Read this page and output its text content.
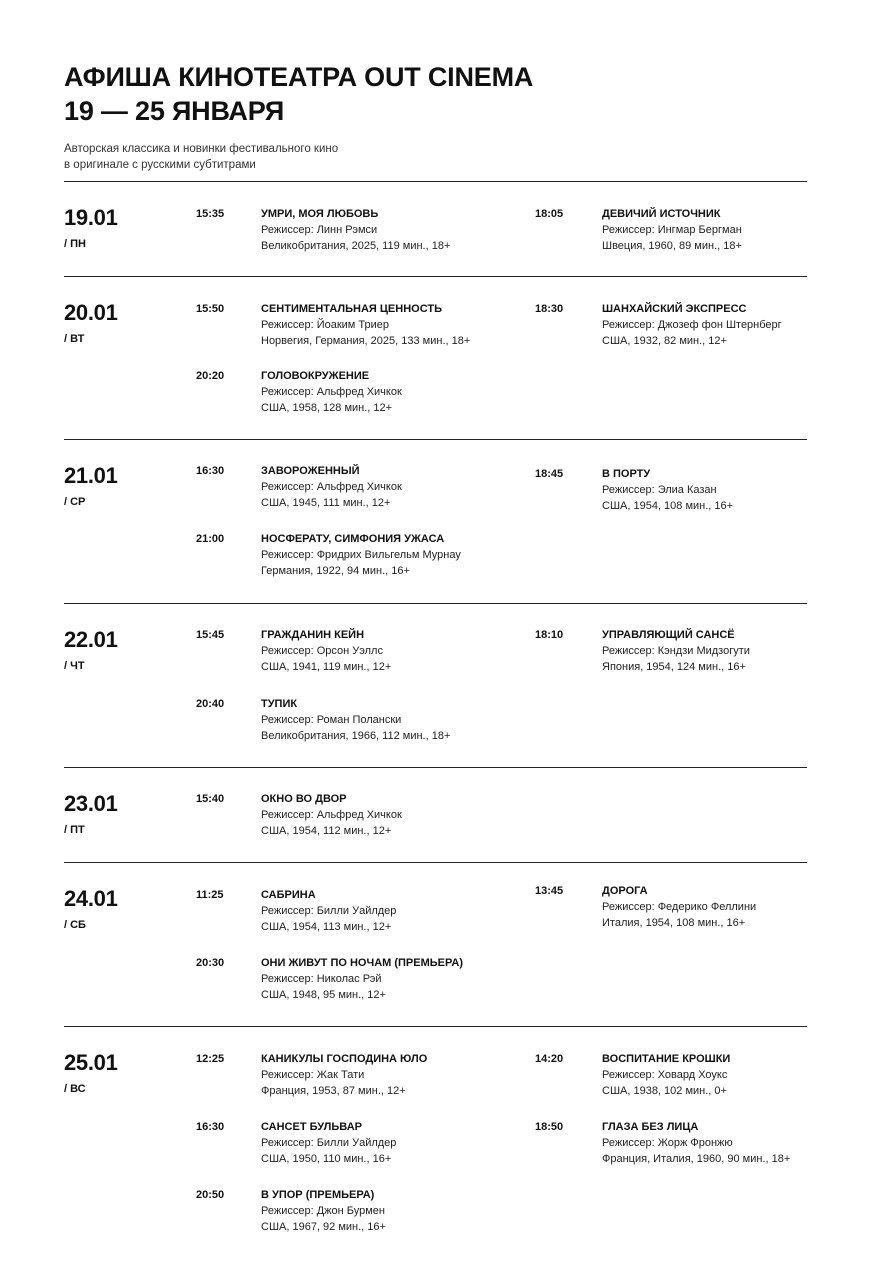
АФИША КИНОТЕАТРА OUT CINEMA
19 — 25 ЯНВАРЯ

Авторская классика и новинки фестивального кино
в оригинале с русскими субтитрами

19.01
/ ПН
15:35	УМРИ, МОЯ ЛЮБОВЬ
Режиссер: Линн Рэмси
Великобритания, 2025, 119 мин., 18+
18:05	ДЕВИЧИЙ ИСТОЧНИК
Режиссер: Ингмар Бергман
Швеция, 1960, 89 мин., 18+
20.01
/ ВТ
15:50	СЕНТИМЕНТАЛЬНАЯ ЦЕННОСТЬ
Режиссер: Йоаким Триер
Норвегия, Германия, 2025, 133 мин., 18+
18:30	ШАНХАЙСКИЙ ЭКСПРЕСС
Режиссер: Джозеф фон Штернберг
США, 1932, 82 мин., 12+
20:20	ГОЛОВОКРУЖЕНИЕ
Режиссер: Альфред Хичкок
США, 1958, 128 мин., 12+
21.01
/ СР
16:30	ЗАВОРОЖЕННЫЙ
Режиссер: Альфред Хичкок
США, 1945, 111 мин., 12+
18:45	В ПОРТУ
Режиссер: Элиа Казан
США, 1954, 108 мин., 16+
21:00	НОСФЕРАТУ, СИМФОНИЯ УЖАСА
Режиссер: Фридрих Вильгельм Мурнау
Германия, 1922, 94 мин., 16+
22.01
/ ЧТ
15:45	ГРАЖДАНИН КЕЙН
Режиссер: Орсон Уэллс
США, 1941, 119 мин., 12+
18:10	УПРАВЛЯЮЩИЙ САНСЁ
Режиссер: Кэндзи Мидзогути
Япония, 1954, 124 мин., 16+
20:40	ТУПИК
Режиссер: Роман Полански
Великобритания, 1966, 112 мин., 18+
23.01
/ ПТ
15:40	ОКНО ВО ДВОР
Режиссер: Альфред Хичкок
США, 1954, 112 мин., 12+
24.01
/ СБ
11:25	САБРИНА
Режиссер: Билли Уайлдер
США, 1954, 113 мин., 12+
13:45	ДОРОГА
Режиссер: Федерико Феллини
Италия, 1954, 108 мин., 16+
20:30	ОНИ ЖИВУТ ПО НОЧАМ (ПРЕМЬЕРА)
Режиссер: Николас Рэй
США, 1948, 95 мин., 12+
25.01
/ ВС
12:25	КАНИКУЛЫ ГОСПОДИНА ЮЛО
Режиссер: Жак Тати
Франция, 1953, 87 мин., 12+
14:20	ВОСПИТАНИЕ КРОШКИ
Режиссер: Ховард Хоукс
США, 1938, 102 мин., 0+
16:30	САНСЕТ БУЛЬВАР
Режиссер: Билли Уайлдер
США, 1950, 110 мин., 16+
18:50	ГЛАЗА БЕЗ ЛИЦА
Режиссер: Жорж Фронжю
Франция, Италия, 1960, 90 мин., 18+
20:50	В УПОР (ПРЕМЬЕРА)
Режиссер: Джон Бурмен
США, 1967, 92 мин., 16+
